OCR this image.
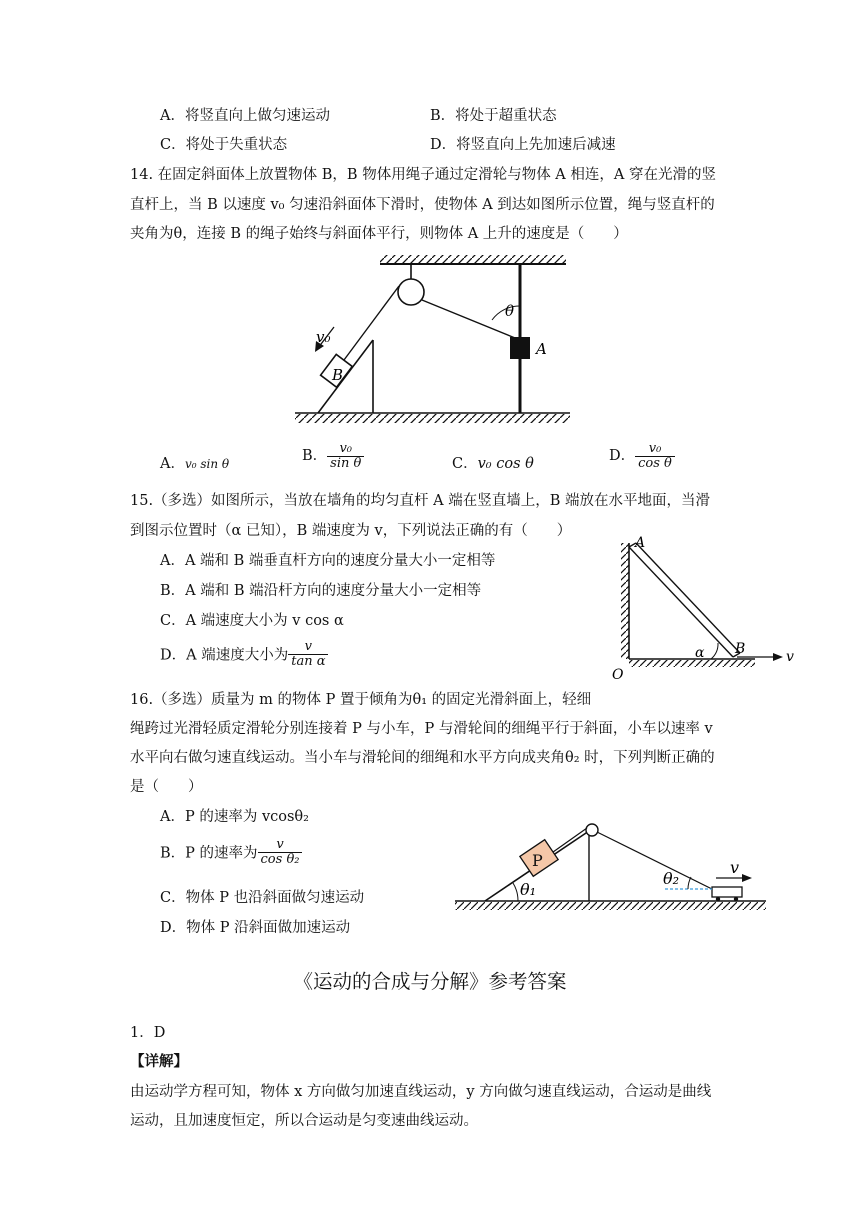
A．将竖直向上做匀速运动	B．将处于超重状态
C．将处于失重状态	D．将竖直向上先加速后减速
14. 在固定斜面体上放置物体 B，B 物体用绳子通过定滑轮与物体 A 相连，A 穿在光滑的竖
直杆上，当 B 以速度 v₀ 匀速沿斜面体下滑时，使物体 A 到达如图所示位置，绳与竖直杆的
夹角为θ，连接 B 的绳子始终与斜面体平行，则物体 A 上升的速度是（　　）
v₀
B
θ
A
A．v₀ sin θ	B． $\frac{\text{v₀}}{\text{sin θ}}$	C．v₀ cos θ	D． $\frac{\text{v₀}}{\text{cos θ}}$
15.（多选）如图所示，当放在墙角的均匀直杆 A 端在竖直墙上，B 端放在水平地面，当滑
到图示位置时（α 已知），B 端速度为 v，下列说法正确的有（　　）
A．A 端和 B 端垂直杆方向的速度分量大小一定相等
B．A 端和 B 端沿杆方向的速度分量大小一定相等
C．A 端速度大小为 v cos α
D．A 端速度大小为 $\frac{v}{\text{tan α}}$
A
B
O
α	v
16.（多选）质量为 m 的物体 P 置于倾角为θ₁ 的固定光滑斜面上，轻细
绳跨过光滑轻质定滑轮分别连接着 P 与小车，P 与滑轮间的细绳平行于斜面，小车以速率 v
水平向右做匀速直线运动。当小车与滑轮间的细绳和水平方向成夹角θ₂ 时，下列判断正确的
是（　　）
A．P 的速率为 vcosθ₂
B．P 的速率为 $\frac{v}{\text{cos θ₂}}$
C．物体 P 也沿斜面做匀速运动
D．物体 P 沿斜面做加速运动
P
θ₁
θ₂
v
《运动的合成与分解》参考答案
1．D
【详解】
由运动学方程可知，物体 x 方向做匀加速直线运动，y 方向做匀速直线运动，合运动是曲线
运动，且加速度恒定，所以合运动是匀变速曲线运动。
